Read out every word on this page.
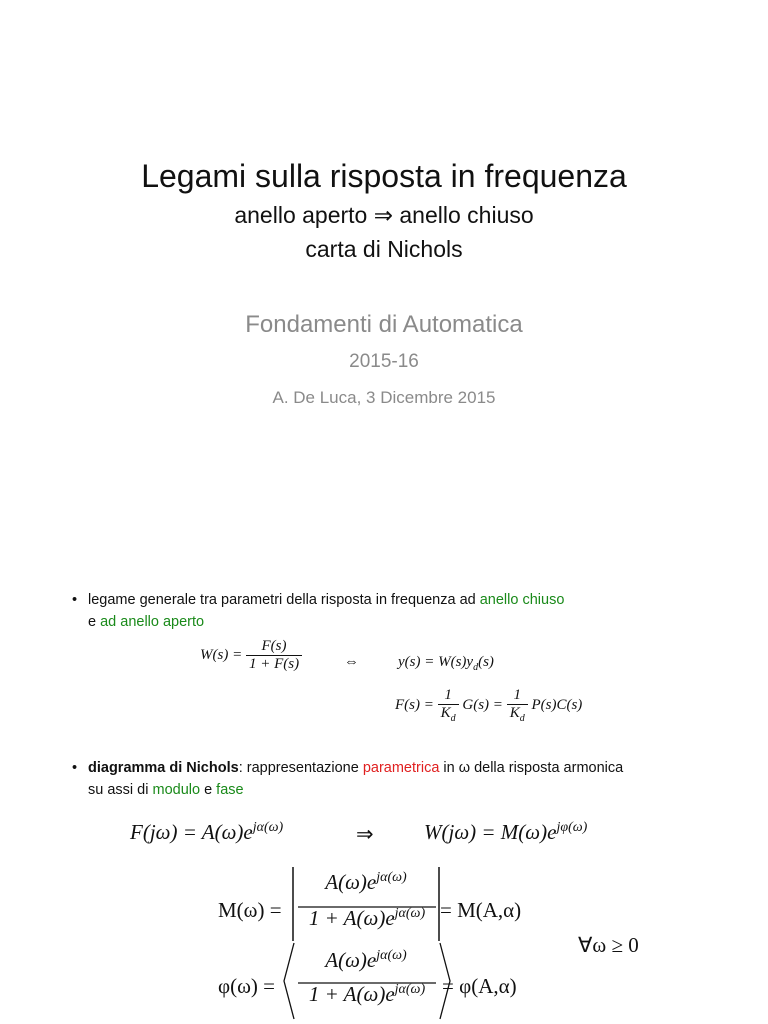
Legami sulla risposta in frequenza
anello aperto ⇒ anello chiuso
carta di Nichols
Fondamenti di Automatica
2015-16
A. De Luca, 3 Dicembre 2015
• legame generale tra parametri della risposta in frequenza ad anello chiuso
e ad anello aperto
$W(s) = \frac{F(s)}{1 + F(s)}$	⇔	$y(s) = W(s)y_d(s)$
$F(s) = \frac{1}{K_d} G(s) = \frac{1}{K_d} P(s)C(s)$
• diagramma di Nichols: rappresentazione parametrica in ω della risposta armonica
su assi di modulo e fase
$F(j\omega) = A(\omega)e^{j\alpha(\omega)}$	⇒ $W(j\omega) = M(\omega)e^{j\varphi(\omega)}$
M(ω) =
$A(\omega)e^{j\alpha(\omega)}$
$1 + A(\omega)e^{j\alpha(\omega)} = M(A,\alpha)$
∀ω ≥ 0
φ(ω) =
$A(\omega)e^{j\alpha(\omega)}$
$1 + A(\omega)e^{j\alpha(\omega)} = \varphi(A,\alpha)$
